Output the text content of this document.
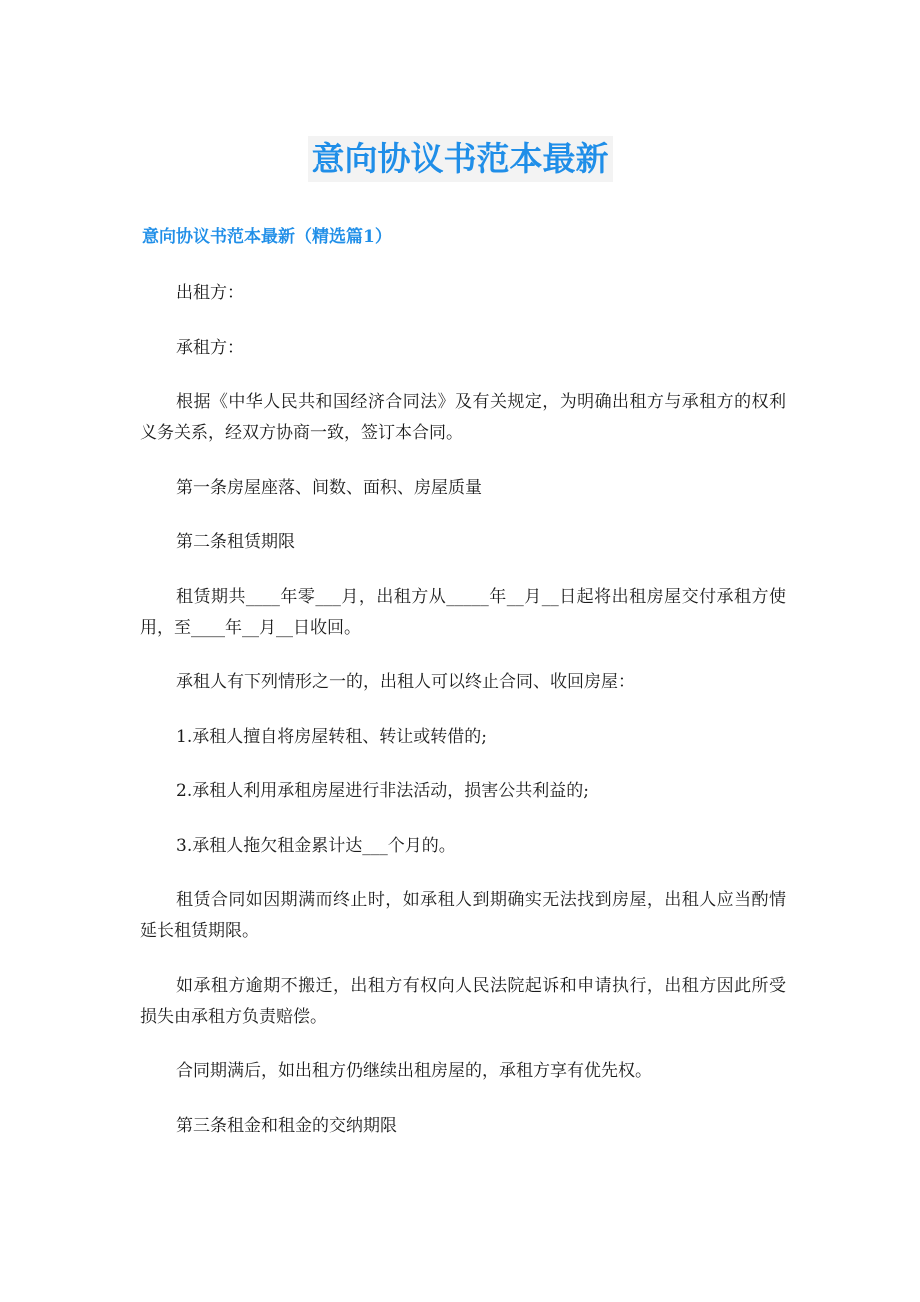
意向协议书范本最新
意向协议书范本最新（精选篇1）

出租方：

承租方：

根据《中华人民共和国经济合同法》及有关规定，为明确出租方与承租方的权利义务关系，经双方协商一致，签订本合同。

第一条房屋座落、间数、面积、房屋质量

第二条租赁期限

租赁期共____年零___月，出租方从_____年__月__日起将出租房屋交付承租方使用，至____年__月__日收回。

承租人有下列情形之一的，出租人可以终止合同、收回房屋：

1.承租人擅自将房屋转租、转让或转借的;

2.承租人利用承租房屋进行非法活动，损害公共利益的;

3.承租人拖欠租金累计达___个月的。

租赁合同如因期满而终止时，如承租人到期确实无法找到房屋，出租人应当酌情延长租赁期限。

如承租方逾期不搬迁，出租方有权向人民法院起诉和申请执行，出租方因此所受损失由承租方负责赔偿。

合同期满后，如出租方仍继续出租房屋的，承租方享有优先权。

第三条租金和租金的交纳期限
